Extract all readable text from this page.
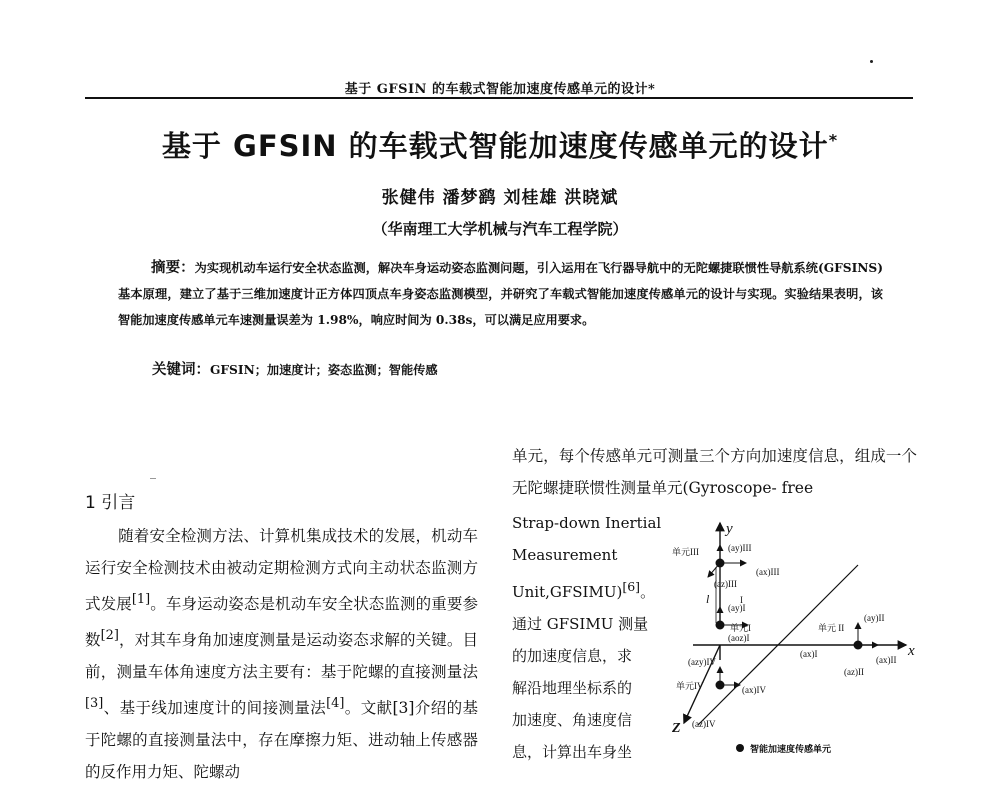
基于 GFSIN 的车载式智能加速度传感单元的设计*
基于 GFSIN 的车载式智能加速度传感单元的设计*
张健伟 潘梦鹞 刘桂雄 洪晓斌
（华南理工大学机械与汽车工程学院）
摘要：为实现机动车运行安全状态监测，解决车身运动姿态监测问题，引入运用在飞行器导航中的无陀螺捷联惯性导航系统(GFSINS)基本原理，建立了基于三维加速度计正方体四顶点车身姿态监测模型，并研究了车载式智能加速度传感单元的设计与实现。实验结果表明，该智能加速度传感单元车速测量误差为 1.98%，响应时间为 0.38s，可以满足应用要求。
关键词：GFSIN；加速度计；姿态监测；智能传感
1 引言

随着安全检测方法、计算机集成技术的发展，机动车运行安全检测技术由被动定期检测方式向主动状态监测方式发展[1]。车身运动姿态是机动车安全状态监测的重要参数[2]，对其车身角加速度测量是运动姿态求解的关键。目前，测量车体角速度方法主要有：基于陀螺的直接测量法[3]、基于线加速度计的间接测量法[4]。文献[3]介绍的基于陀螺的直接测量法中，存在摩擦力矩、进动轴上传感器的反作用力矩、陀螺动

单元，每个传感单元可测量三个方向加速度信息，组成一个无陀螺捷联惯性测量单元(Gyroscope- free

Strap-down Inertial

Measurement

Unit,GFSIMU)[6]。

通过 GFSIMU 测量

的加速度信息，求

解沿地理坐标系的

加速度、角速度信

息，计算出车身坐

y
x
Z
单元III	(ay)III
(ax)III
(az)III
l	I
(ay)I
单元I	单元 II
(ay)II
(aoz)I
(ax)I
(ax)II
(az)II
(azy)IV
单元IV	(ax)IV
(az)IV
智能加速度传感单元
